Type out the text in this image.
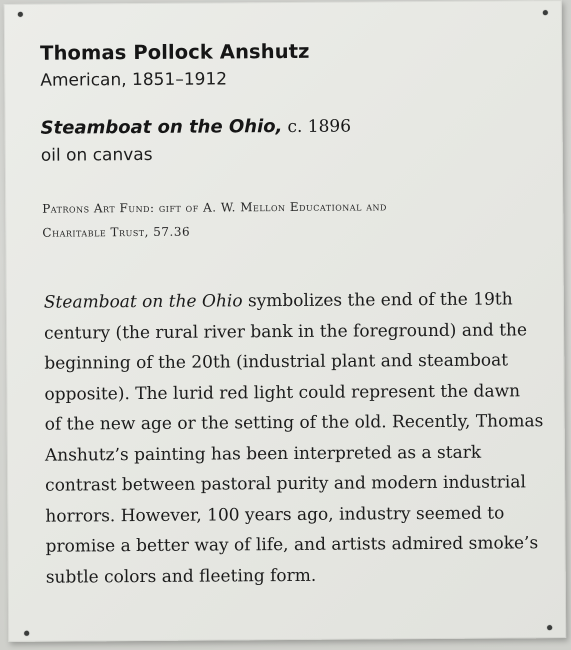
Thomas Pollock Anshutz
American, 1851–1912
Steamboat on the Ohio, c. 1896
oil on canvas
Patrons Art Fund: gift of A. W. Mellon Educational and
Charitable Trust, 57.36
Steamboat on the Ohio symbolizes the end of the 19th
century (the rural river bank in the foreground) and the
beginning of the 20th (industrial plant and steamboat
opposite). The lurid red light could represent the dawn
of the new age or the setting of the old. Recently, Thomas
Anshutz’s painting has been interpreted as a stark
contrast between pastoral purity and modern industrial
horrors. However, 100 years ago, industry seemed to
promise a better way of life, and artists admired smoke’s
subtle colors and fleeting form.
